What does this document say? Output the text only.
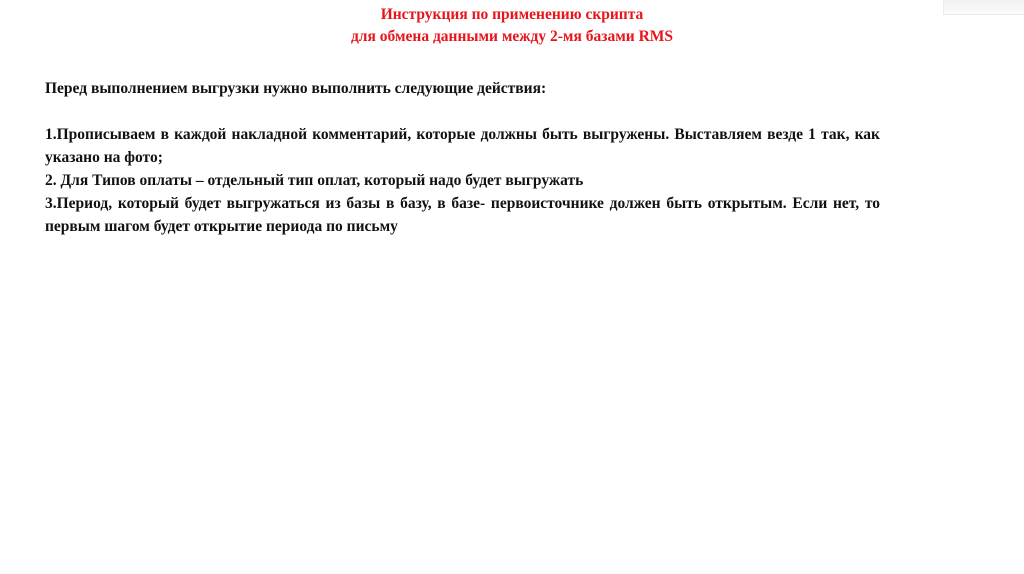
Инструкция по применению скрипта
для обмена данными между 2-мя базами RMS

Перед выполнением выгрузки нужно выполнить следующие действия:

1.Прописываем в каждой накладной комментарий, которые должны быть выгружены. Выставляем везде 1 так, как указано на фото;

2. Для Типов оплаты – отдельный тип оплат, который надо будет выгружать

3.Период, который будет выгружаться из базы в базу, в базе- первоисточнике должен быть открытым. Если нет, то первым шагом будет открытие периода по письму
